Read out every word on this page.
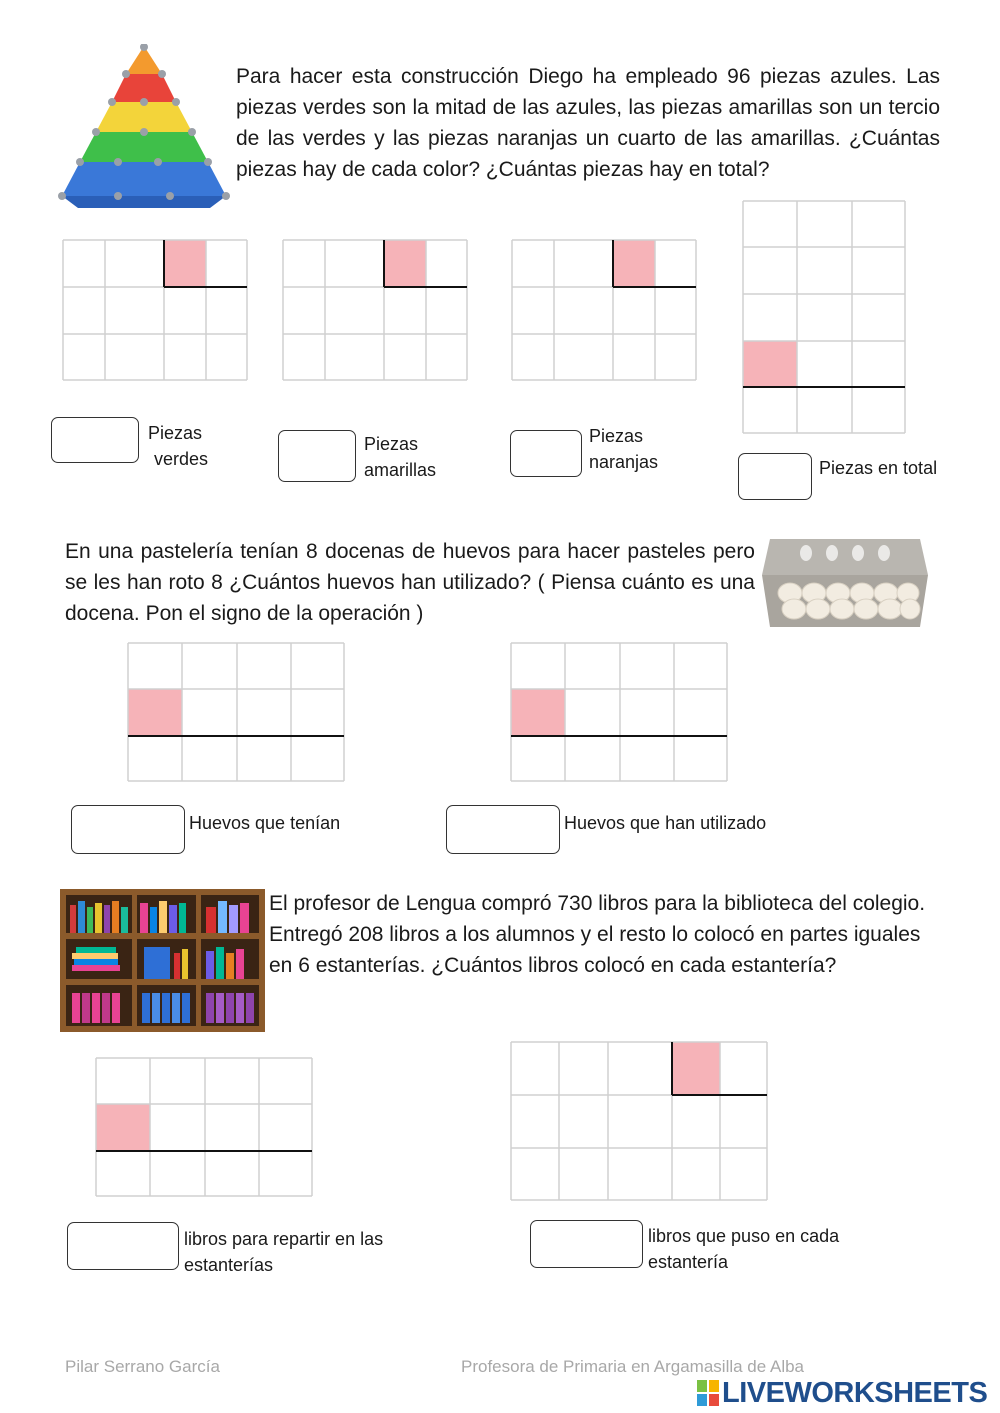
Para hacer esta construcción Diego ha empleado 96 piezas azules. Las piezas verdes son la mitad de las azules, las piezas amarillas son un tercio de las verdes y las piezas naranjas un cuarto de las amarillas. ¿Cuántas piezas hay de cada color? ¿Cuántas piezas hay en total?
Piezas
verdes
Piezas
amarillas
Piezas
naranjas	Piezas en total
En una pastelería tenían 8 docenas de huevos para hacer pasteles pero se les han roto 8 ¿Cuántos huevos han utilizado? ( Piensa cuánto es una docena. Pon el signo de la operación )
Huevos que tenían	Huevos que han utilizado
El profesor de Lengua compró 730 libros para la biblioteca del colegio. Entregó 208 libros a los alumnos y el resto lo colocó en partes iguales en 6 estanterías. ¿Cuántos libros colocó en cada estantería?
libros para repartir en las
estanterías
libros que puso en cada
estantería
Pilar Serrano García	Profesora de Primaria en Argamasilla de Alba
LIVEWORKSHEETS
